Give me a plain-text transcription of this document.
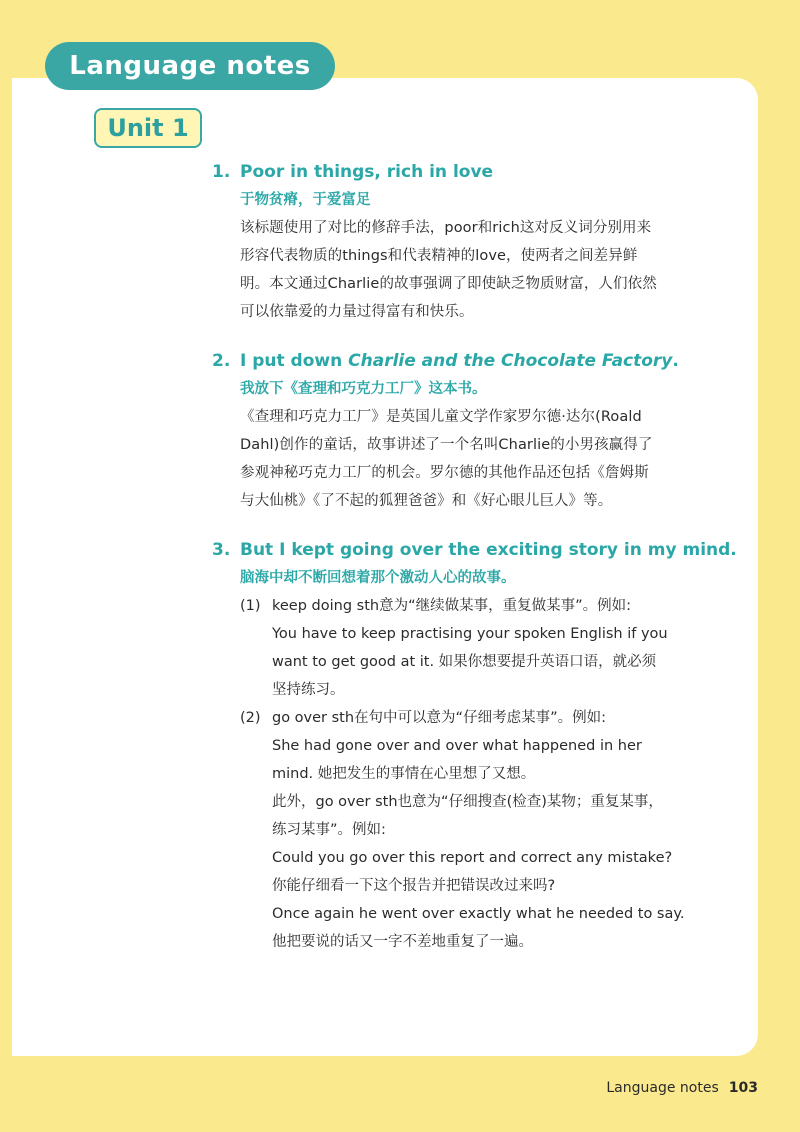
Language notes
Unit 1
1. Poor in things, rich in love
于物贫瘠，于爱富足
该标题使用了对比的修辞手法，poor和rich这对反义词分别用来
形容代表物质的things和代表精神的love，使两者之间差异鲜
明。本文通过Charlie的故事强调了即使缺乏物质财富，人们依然
可以依靠爱的力量过得富有和快乐。
2. I put down Charlie and the Chocolate Factory.
我放下《查理和巧克力工厂》这本书。
《查理和巧克力工厂》是英国儿童文学作家罗尔德·达尔(Roald
Dahl)创作的童话，故事讲述了一个名叫Charlie的小男孩赢得了
参观神秘巧克力工厂的机会。罗尔德的其他作品还包括《詹姆斯
与大仙桃》《了不起的狐狸爸爸》和《好心眼儿巨人》等。
3. But I kept going over the exciting story in my mind.
脑海中却不断回想着那个激动人心的故事。
(1) keep doing sth意为“继续做某事，重复做某事”。例如:
You have to keep practising your spoken English if you
want to get good at it. 如果你想要提升英语口语，就必须
坚持练习。
(2) go over sth在句中可以意为“仔细考虑某事”。例如:
She had gone over and over what happened in her
mind. 她把发生的事情在心里想了又想。
此外，go over sth也意为“仔细搜查(检查)某物；重复某事，
练习某事”。例如:
Could you go over this report and correct any mistake?
你能仔细看一下这个报告并把错误改过来吗?
Once again he went over exactly what he needed to say.
他把要说的话又一字不差地重复了一遍。
Language notes 103
